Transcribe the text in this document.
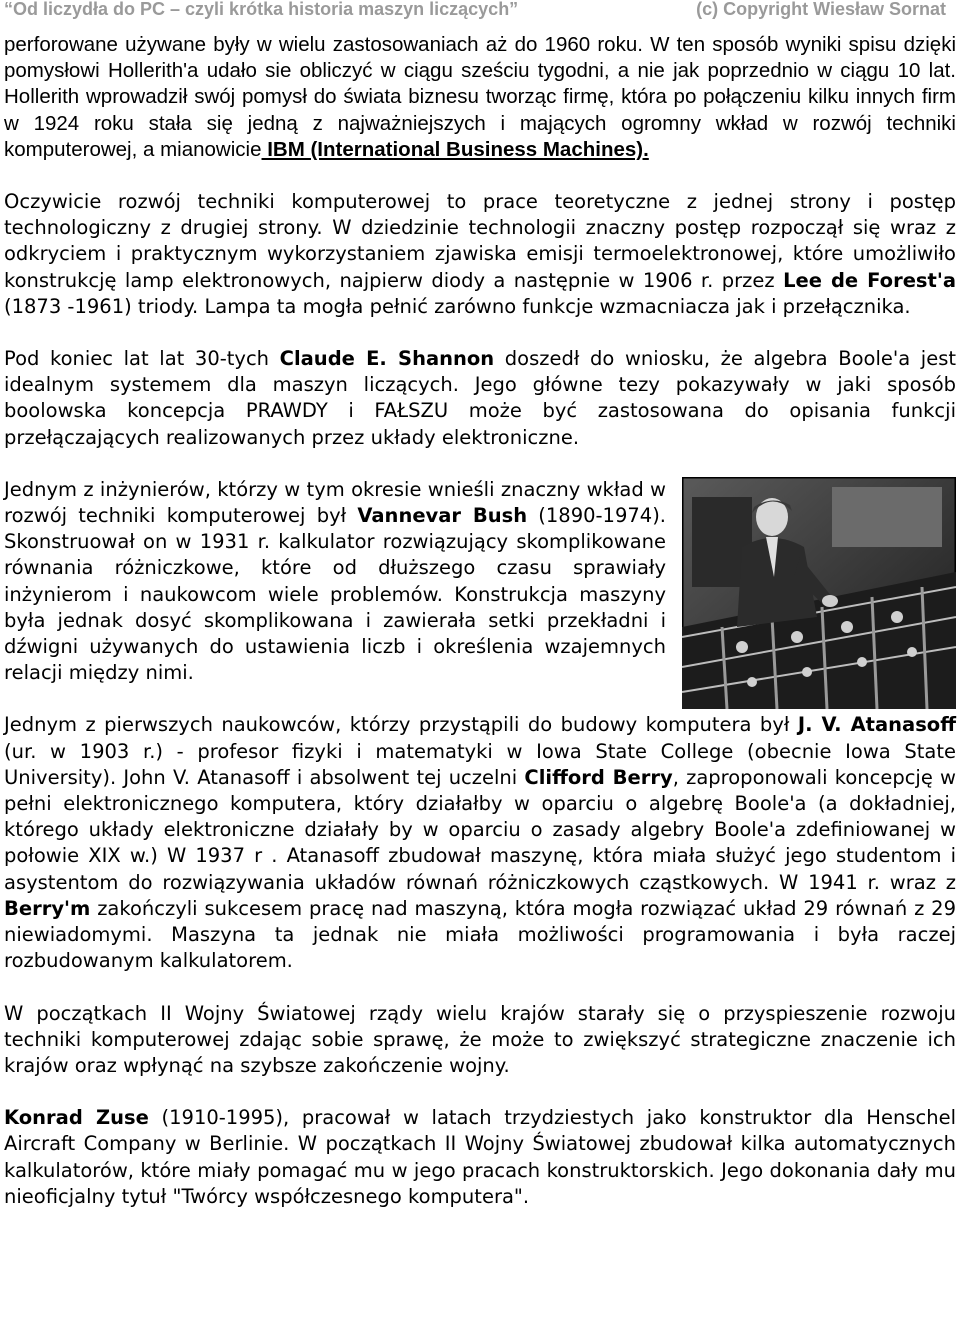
“Od liczydła do PC – czyli krótka historia maszyn liczących”	(c) Copyright Wiesław Sornat

perforowane używane były w wielu zastosowaniach aż do 1960 roku. W ten sposób wyniki spisu dzięki pomysłowi Hollerith'a udało sie obliczyć w ciągu sześciu tygodni, a nie jak poprzednio w ciągu 10 lat. Hollerith wprowadził swój pomysł do świata biznesu tworząc firmę, która po połączeniu kilku innych firm w 1924 roku stała się jedną z najważniejszych i mających ogromny wkład w rozwój techniki komputerowej, a mianowicie IBM (International Business Machines).

Oczywicie rozwój techniki komputerowej to prace teoretyczne z jednej strony i postęp technologiczny z drugiej strony. W dziedzinie technologii znaczny postęp rozpoczął się wraz z odkryciem i praktycznym wykorzystaniem zjawiska emisji termoelektronowej, które umożliwiło konstrukcję lamp elektronowych, najpierw diody a następnie w 1906 r. przez Lee de Forest'a (1873 -1961) triody. Lampa ta mogła pełnić zarówno funkcje wzmacniacza jak i przełącznika.

Pod koniec lat lat 30-tych Claude E. Shannon doszedł do wniosku, że algebra Boole'a jest idealnym systemem dla maszyn liczących. Jego główne tezy pokazywały w jaki sposób boolowska koncepcja PRAWDY i FAŁSZU może być zastosowana do opisania funkcji przełączających realizowanych przez układy elektroniczne.

Jednym z inżynierów, którzy w tym okresie wnieśli znaczny wkład w rozwój techniki komputerowej był Vannevar Bush (1890-1974). Skonstruował on w 1931 r. kalkulator rozwiązujący skomplikowane równania różniczkowe, które od dłuższego czasu sprawiały inżynierom i naukowcom wiele problemów. Konstrukcja maszyny była jednak dosyć skomplikowana i zawierała setki przekładni i dźwigni używanych do ustawienia liczb i określenia wzajemnych relacji między nimi.

Jednym z pierwszych naukowców, którzy przystąpili do budowy komputera był J. V. Atanasoff (ur. w 1903 r.) - profesor fizyki i matematyki w Iowa State College (obecnie Iowa State University). John V. Atanasoff i absolwent tej uczelni Clifford Berry, zaproponowali koncepcję w pełni elektronicznego komputera, który działałby w oparciu o algebrę Boole'a (a dokładniej, którego układy elektroniczne działały by w oparciu o zasady algebry Boole'a zdefiniowanej w połowie XIX w.) W 1937 r . Atanasoff zbudował maszynę, która miała służyć jego studentom i asystentom do rozwiązywania układów równań różniczkowych cząstkowych. W 1941 r. wraz z Berry'm zakończyli sukcesem pracę nad maszyną, która mogła rozwiązać układ 29 równań z 29 niewiadomymi. Maszyna ta jednak nie miała możliwości programowania i była raczej rozbudowanym kalkulatorem.

W początkach II Wojny Światowej rządy wielu krajów starały się o przyspieszenie rozwoju techniki komputerowej zdając sobie sprawę, że może to zwiększyć strategiczne znaczenie ich krajów oraz wpłynąć na szybsze zakończenie wojny.

Konrad Zuse (1910-1995), pracował w latach trzydziestych jako konstruktor dla Henschel Aircraft Company w Berlinie. W początkach II Wojny Światowej zbudował kilka automatycznych kalkulatorów, które miały pomagać mu w jego pracach konstruktorskich. Jego dokonania dały mu nieoficjalny tytuł "Twórcy współczesnego komputera".
